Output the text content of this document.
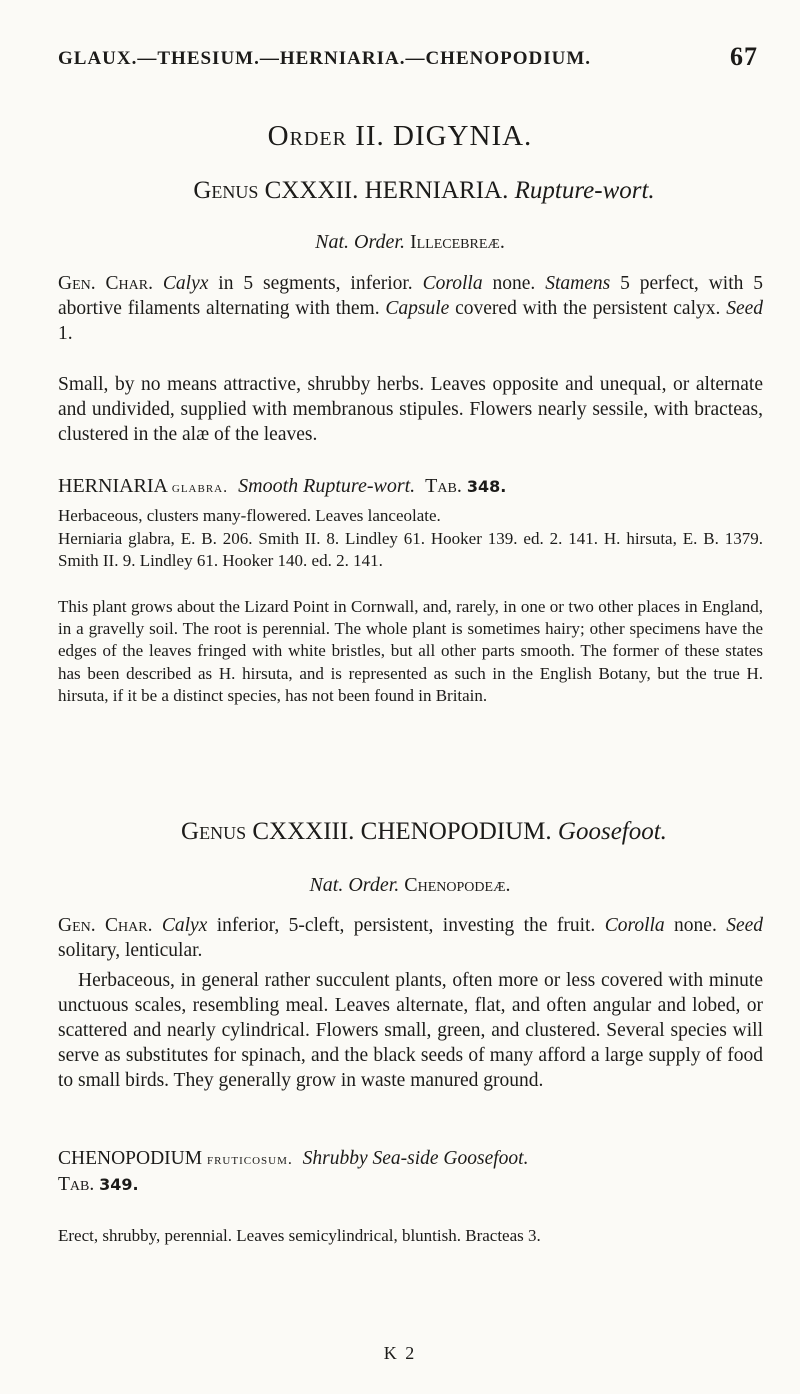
GLAUX.—THESIUM.—HERNIARIA.—CHENOPODIUM.	67
Order II. DIGYNIA.
Genus CXXXII. HERNIARIA. Rupture-wort.
Nat. Order. Illecebreæ.
Gen. Char. Calyx in 5 segments, inferior. Corolla none. Stamens 5 perfect, with 5 abortive filaments alternating with them. Capsule covered with the persistent calyx. Seed 1.
Small, by no means attractive, shrubby herbs. Leaves opposite and unequal, or alternate and undivided, supplied with membranous stipules. Flowers nearly sessile, with bracteas, clustered in the alæ of the leaves.
HERNIARIA glabra. Smooth Rupture-wort. Tab. 348.
Herbaceous, clusters many-flowered. Leaves lanceolate.
Herniaria glabra, E. B. 206. Smith II. 8. Lindley 61. Hooker 139. ed. 2. 141. H. hirsuta, E. B. 1379. Smith II. 9. Lindley 61. Hooker 140. ed. 2. 141.
This plant grows about the Lizard Point in Cornwall, and, rarely, in one or two other places in England, in a gravelly soil. The root is perennial. The whole plant is sometimes hairy; other specimens have the edges of the leaves fringed with white bristles, but all other parts smooth. The former of these states has been described as H. hirsuta, and is represented as such in the English Botany, but the true H. hirsuta, if it be a distinct species, has not been found in Britain.
Genus CXXXIII. CHENOPODIUM. Goosefoot.
Nat. Order. Chenopodeæ.
Gen. Char. Calyx inferior, 5-cleft, persistent, investing the fruit. Corolla none. Seed solitary, lenticular.
Herbaceous, in general rather succulent plants, often more or less covered with minute unctuous scales, resembling meal. Leaves alternate, flat, and often angular and lobed, or scattered and nearly cylindrical. Flowers small, green, and clustered. Several species will serve as substitutes for spinach, and the black seeds of many afford a large supply of food to small birds. They generally grow in waste manured ground.
CHENOPODIUM fruticosum. Shrubby Sea-side Goosefoot.
Tab. 349.
Erect, shrubby, perennial. Leaves semicylindrical, bluntish. Bracteas 3.
K 2
